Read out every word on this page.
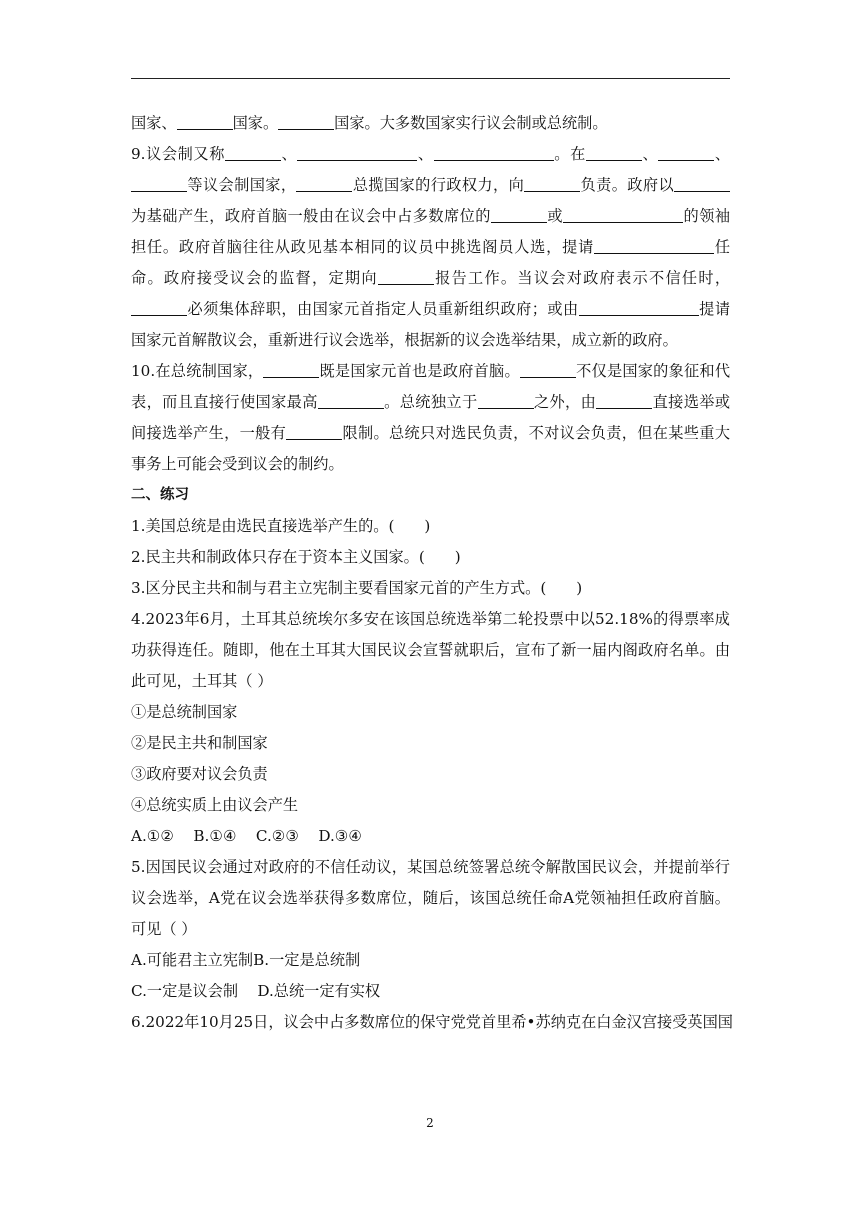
国家、	国家。	国家。大多数国家实行议会制或总统制。

9.议会制又称	、	、	。在	、	、等议会制国家，	总揽国家的行政权力，向	负责。政府以为基础产生，政府首脑一般由在议会中占多数席位的	或	的领袖担任。政府首脑往往从政见基本相同的议员中挑选阁员人选，提请	任命。政府接受议会的监督，定期向	报告工作。当议会对政府表示不信任时，必须集体辞职，由国家元首指定人员重新组织政府；或由	提请国家元首解散议会，重新进行议会选举，根据新的议会选举结果，成立新的政府。

10.在总统制国家，	既是国家元首也是政府首脑。	不仅是国家的象征和代表，而且直接行使国家最高	。总统独立于	之外，由	直接选举或间接选举产生，一般有	限制。总统只对选民负责，不对议会负责，但在某些重大事务上可能会受到议会的制约。

二、练习

1.美国总统是由选民直接选举产生的。( )

2.民主共和制政体只存在于资本主义国家。( )

3.区分民主共和制与君主立宪制主要看国家元首的产生方式。( )

4.2023年6月，土耳其总统埃尔多安在该国总统选举第二轮投票中以52.18%的得票率成功获得连任。随即，他在土耳其大国民议会宣誓就职后，宣布了新一届内阁政府名单。由此可见，土耳其（ ）

①是总统制国家

②是民主共和制国家

③政府要对议会负责

④总统实质上由议会产生

A.①②    B.①④    C.②③    D.③④

5.因国民议会通过对政府的不信任动议，某国总统签署总统令解散国民议会，并提前举行议会选举，A党在议会选举获得多数席位，随后，该国总统任命A党领袖担任政府首脑。可见（ ）

A.可能君主立宪制B.一定是总统制

C.一定是议会制    D.总统一定有实权

6.2022年10月25日，议会中占多数席位的保守党党首里希•苏纳克在白金汉宫接受英国国

2
